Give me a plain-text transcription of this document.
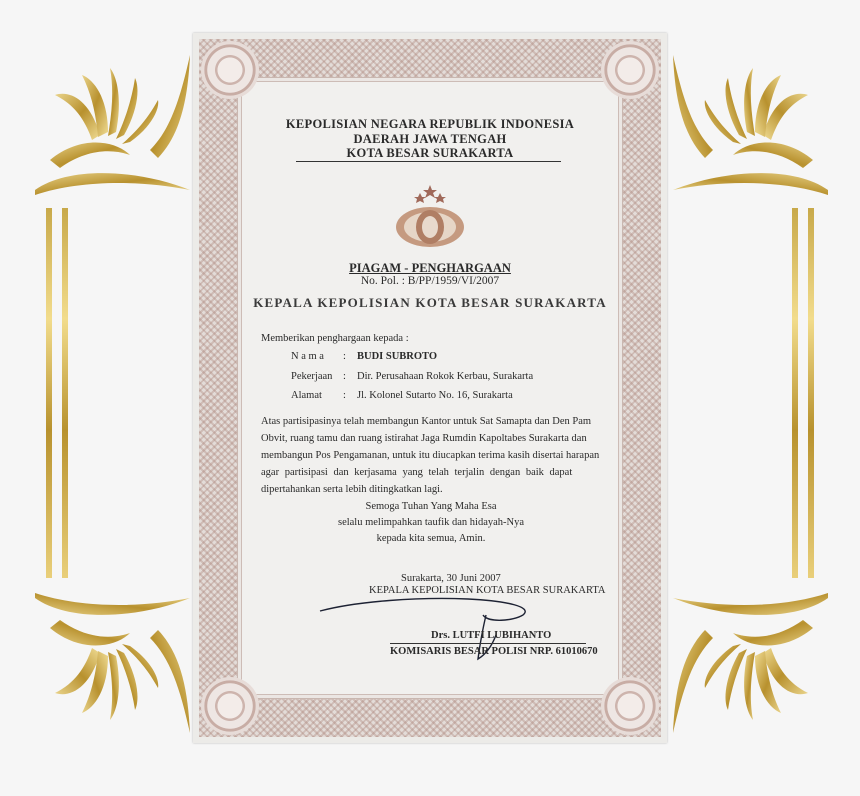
KEPOLISIAN NEGARA REPUBLIK INDONESIA
DAERAH JAWA TENGAH
KOTA BESAR SURAKARTA
PIAGAM - PENGHARGAAN
No. Pol. : B/PP/1959/VI/2007
KEPALA KEPOLISIAN KOTA BESAR SURAKARTA
Memberikan penghargaan kepada :
N a m a : BUDI SUBROTO
Pekerjaan : Dir. Perusahaan Rokok Kerbau, Surakarta
Alamat : Jl. Kolonel Sutarto No. 16, Surakarta
Atas partisipasinya telah membangun Kantor untuk Sat Samapta dan Den Pam
Obvit, ruang tamu dan ruang istirahat Jaga Rumdin Kapoltabes Surakarta dan
membangun Pos Pengamanan, untuk itu diucapkan terima kasih disertai harapan
agar partisipasi dan kerjasama yang telah terjalin dengan baik dapat
dipertahankan serta lebih ditingkatkan lagi.
Semoga Tuhan Yang Maha Esa
selalu melimpahkan taufik dan hidayah-Nya
kepada kita semua, Amin.
Surakarta, 30 Juni 2007
KEPALA KEPOLISIAN KOTA BESAR SURAKARTA
Drs. LUTFI LUBIHANTO
KOMISARIS BESAR POLISI NRP. 61010670
